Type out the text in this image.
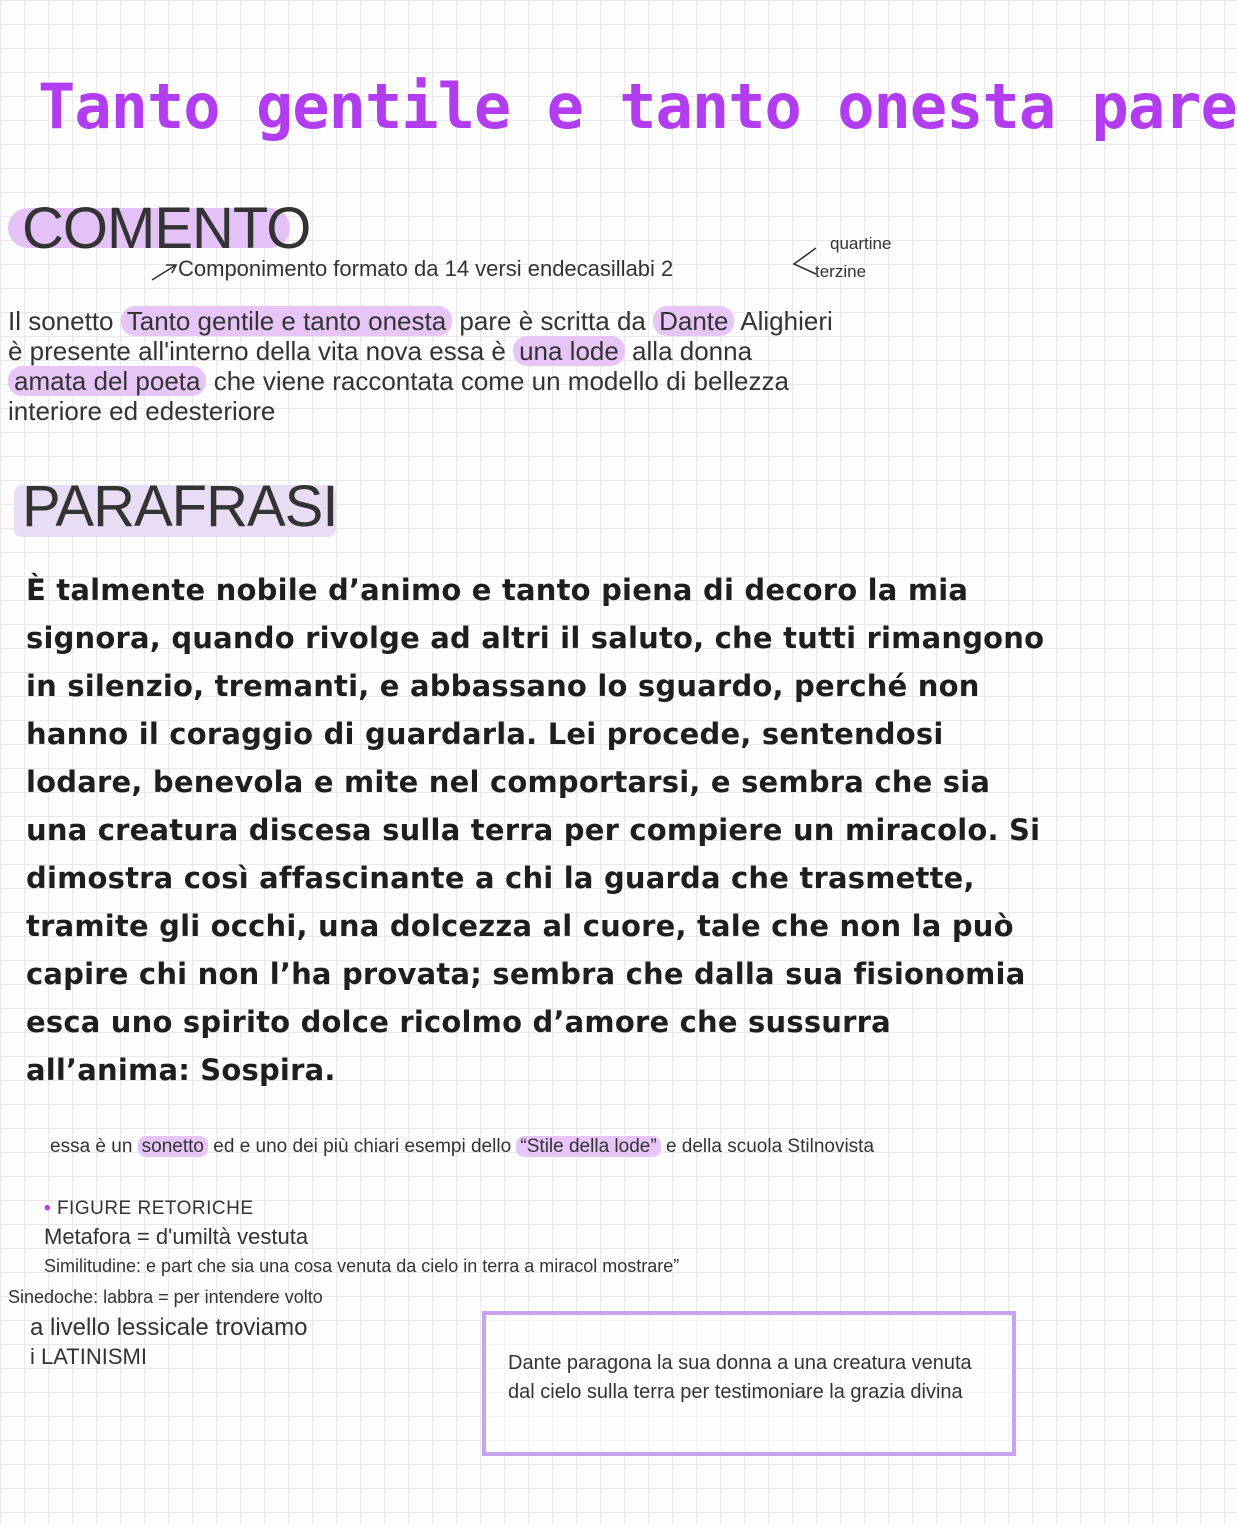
Tanto gentile e tanto onesta pare
COMENTO
Componimento formato da 14 versi endecasillabi 2
quartine
terzine
Il sonetto Tanto gentile e tanto onesta pare è scritta da Dante Alighieri
è presente all'interno della vita nova essa è una lode alla donna
amata del poeta che viene raccontata come un modello di bellezza
interiore ed edesteriore
PARAFRASI

È talmente nobile d’animo e tanto piena di decoro la mia signora, quando rivolge ad altri il saluto, che tutti rimangono in silenzio, tremanti, e abbassano lo sguardo, perché non hanno il coraggio di guardarla. Lei procede, sentendosi lodare, benevola e mite nel comportarsi, e sembra che sia una creatura discesa sulla terra per compiere un miracolo. Si dimostra così affascinante a chi la guarda che trasmette, tramite gli occhi, una dolcezza al cuore, tale che non la può capire chi non l’ha provata; sembra che dalla sua fisionomia esca uno spirito dolce ricolmo d’amore che sussurra all’anima: Sospira.

essa è un sonetto ed e uno dei più chiari esempi dello “Stile della lode” e della scuola Stilnovista
• FIGURE RETORICHE
Metafora = d'umiltà vestuta
Similitudine: e part che sia una cosa venuta da cielo in terra a miracol mostrare”
Sinedoche: labbra = per intendere volto
a livello lessicale troviamo
i LATINISMI	Dante paragona la sua donna a una creatura venuta dal cielo sulla terra per testimoniare la grazia divina
